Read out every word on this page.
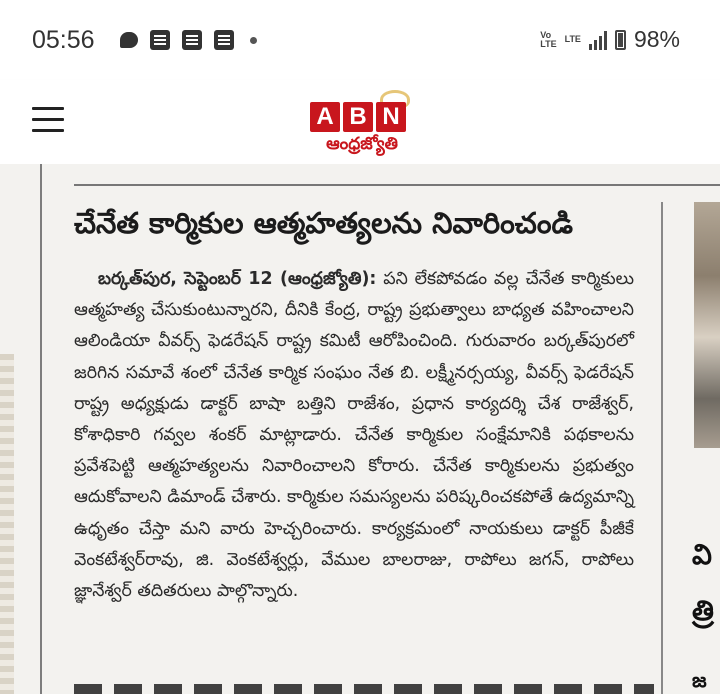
05:56	Vo
LTE LTE 98%
A B N
ఆంధ్రజ్యోతి
వి
త్రి
జ
చేనేత కార్మికుల ఆత్మహత్యలను నివారించండి
బర్కత్‌పుర, సెప్టెంబర్ 12 (ఆంధ్రజ్యోతి): పని లేకపోవడం వల్ల చేనేత కార్మికులు ఆత్మహత్య చేసుకుంటున్నారని, దీనికి కేంద్ర, రాష్ట్ర ప్రభుత్వాలు బాధ్యత వహించాలని ఆలిండియా వీవర్స్ ఫెడరేషన్ రాష్ట్ర కమిటీ ఆరోపించింది. గురువారం బర్కత్‌పురలో జరిగిన సమావే శంలో చేనేత కార్మిక సంఘం నేత బి. లక్ష్మీనర్సయ్య, వీవర్స్ ఫెడరేషన్ రాష్ట్ర అధ్యక్షుడు డాక్టర్ బాషా బత్తిని రాజేశం, ప్రధాన కార్యదర్శి చేశ రాజేశ్వర్, కోశాధికారి గవ్వల శంకర్ మాట్లాడారు. చేనేత కార్మికుల సంక్షేమానికి పథకాలను ప్రవేశపెట్టి ఆత్మహత్యలను నివారించాలని కోరారు. చేనేత కార్మికులను ప్రభుత్వం ఆదుకోవాలని డిమాండ్ చేశారు. కార్మికుల సమస్యలను పరిష్కరించకపోతే ఉద్యమాన్ని ఉధృతం చేస్తా మని వారు హెచ్చరించారు. కార్యక్రమంలో నాయకులు డాక్టర్ పీజీకే వెంకటేశ్వర్‌రావు, జి. వెంకటేశ్వర్లు, వేముల బాలరాజు, రాపోలు జగన్, రాపోలు జ్ఞానేశ్వర్ తదితరులు పాల్గొన్నారు.
